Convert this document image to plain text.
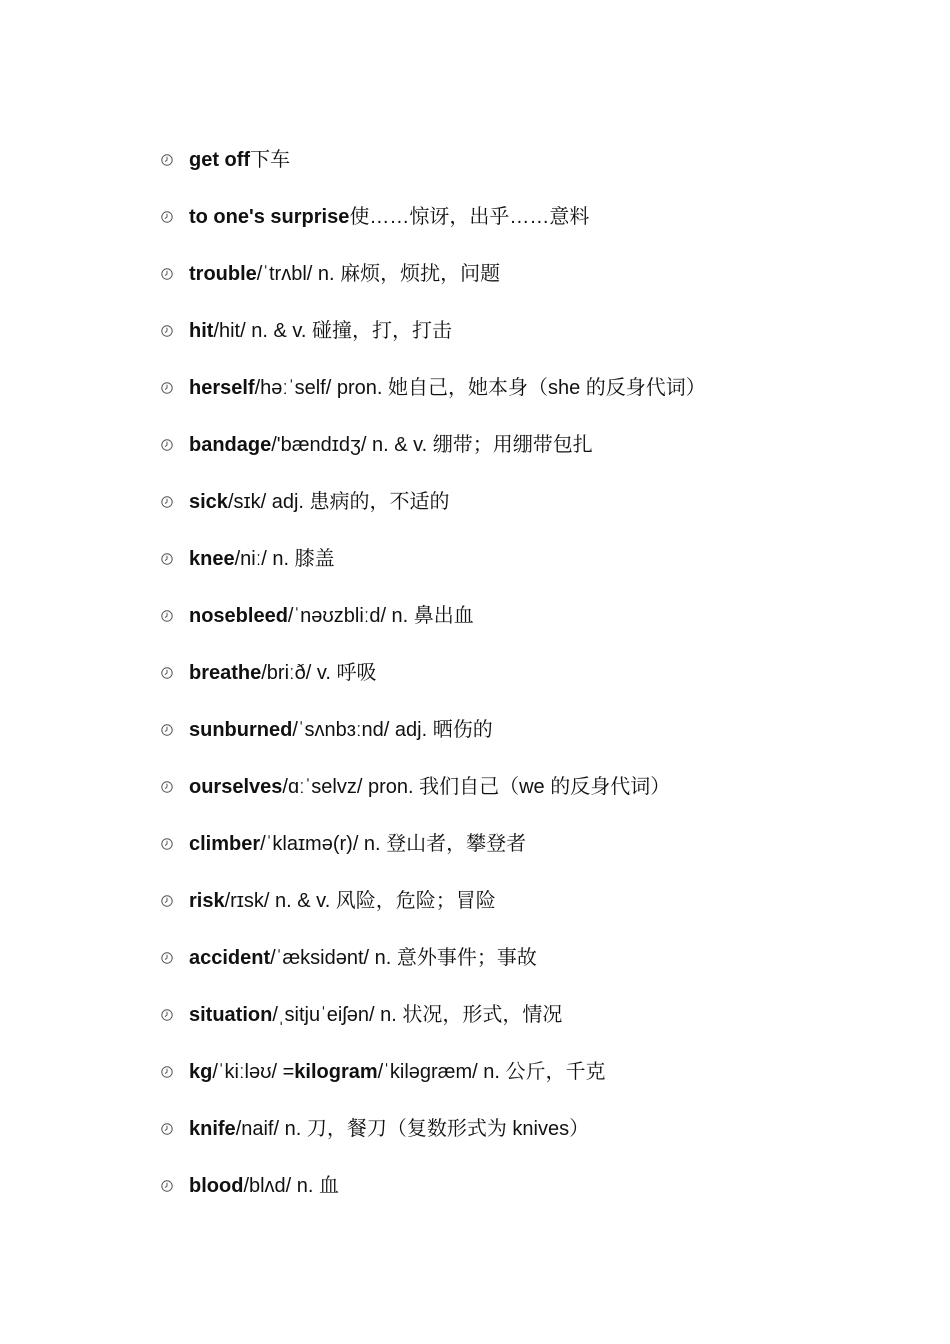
get off 下车
to one's surprise 使……惊讶，出乎……意料
trouble /ˈtrʌbl/ n. 麻烦，烦扰，问题
hit /hit/ n. & v. 碰撞，打，打击
herself /həːˈself/ pron. 她自己，她本身（she 的反身代词）
bandage /'bændɪdʒ/ n. & v. 绷带；用绷带包扎
sick /sɪk/ adj. 患病的，不适的
knee /niː/ n. 膝盖
nosebleed /ˈnəʊzbliːd/ n. 鼻出血
breathe /briːð/ v. 呼吸
sunburned /ˈsʌnbɜːnd/ adj. 晒伤的
ourselves /ɑːˈselvz/ pron. 我们自己（we 的反身代词）
climber /ˈklaɪmə(r)/ n. 登山者，攀登者
risk /rɪsk/ n. & v. 风险，危险；冒险
accident /ˈæksidənt/ n. 意外事件；事故
situation /ˌsitjuˈeiʃən/ n. 状况，形式，情况
kg /ˈkiːləʊ/ = kilogram /ˈkiləgræm/ n. 公斤，千克
knife /naif/ n. 刀，餐刀（复数形式为 knives）
blood /blʌd/ n. 血
